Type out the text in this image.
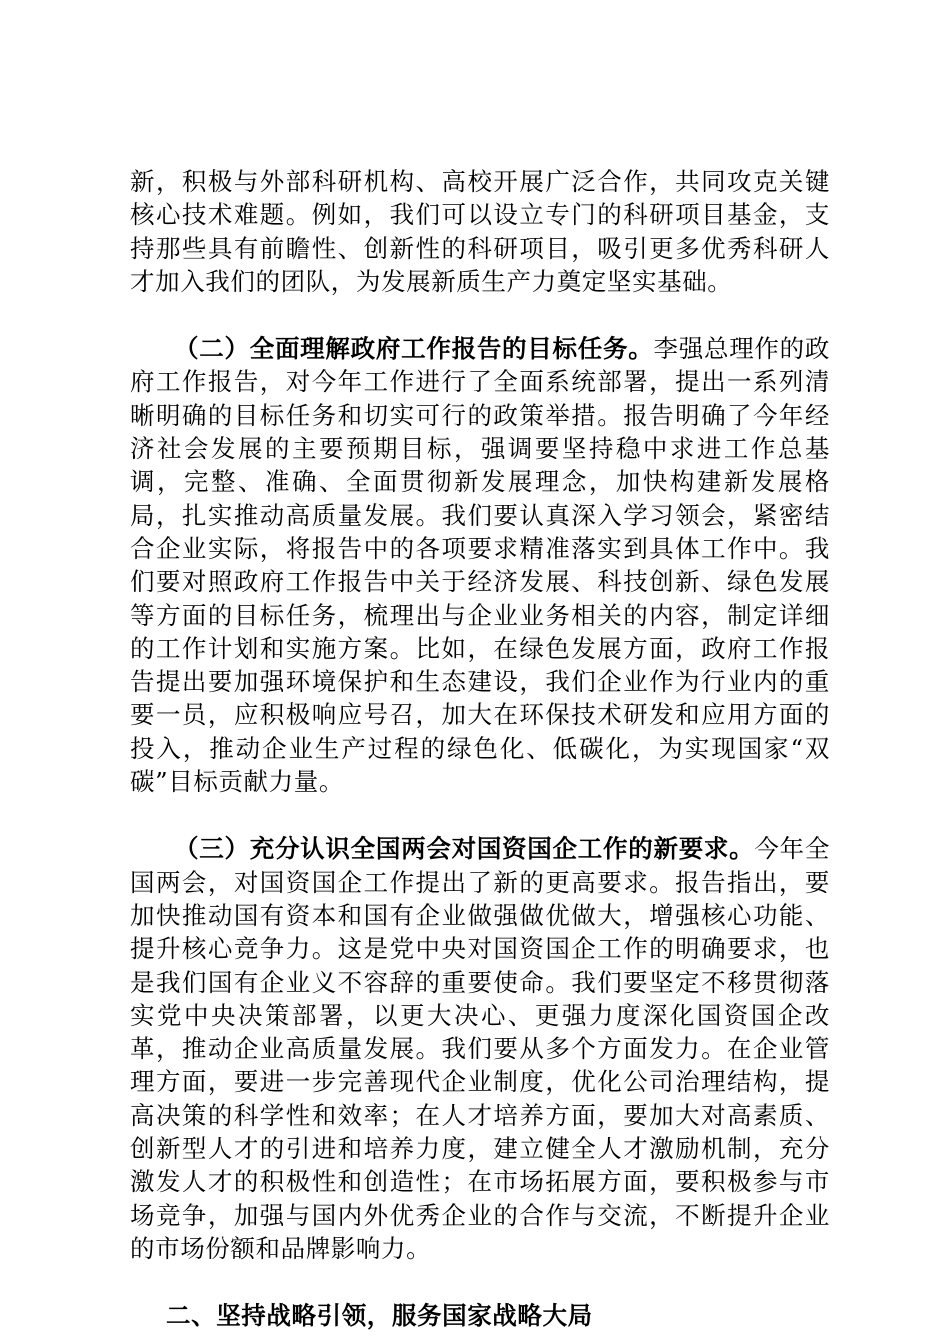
新，积极与外部科研机构、高校开展广泛合作，共同攻克关键核心技术难题。例如，我们可以设立专门的科研项目基金，支持那些具有前瞻性、创新性的科研项目，吸引更多优秀科研人才加入我们的团队，为发展新质生产力奠定坚实基础。

（二）全面理解政府工作报告的目标任务。李强总理作的政府工作报告，对今年工作进行了全面系统部署，提出一系列清晰明确的目标任务和切实可行的政策举措。报告明确了今年经济社会发展的主要预期目标，强调要坚持稳中求进工作总基调，完整、准确、全面贯彻新发展理念，加快构建新发展格局，扎实推动高质量发展。我们要认真深入学习领会，紧密结合企业实际，将报告中的各项要求精准落实到具体工作中。我们要对照政府工作报告中关于经济发展、科技创新、绿色发展等方面的目标任务，梳理出与企业业务相关的内容，制定详细的工作计划和实施方案。比如，在绿色发展方面，政府工作报告提出要加强环境保护和生态建设，我们企业作为行业内的重要一员，应积极响应号召，加大在环保技术研发和应用方面的投入，推动企业生产过程的绿色化、低碳化，为实现国家“双碳”目标贡献力量。

（三）充分认识全国两会对国资国企工作的新要求。今年全国两会，对国资国企工作提出了新的更高要求。报告指出，要加快推动国有资本和国有企业做强做优做大，增强核心功能、提升核心竞争力。这是党中央对国资国企工作的明确要求，也是我们国有企业义不容辞的重要使命。我们要坚定不移贯彻落实党中央决策部署，以更大决心、更强力度深化国资国企改革，推动企业高质量发展。我们要从多个方面发力。在企业管理方面，要进一步完善现代企业制度，优化公司治理结构，提高决策的科学性和效率；在人才培养方面，要加大对高素质、创新型人才的引进和培养力度，建立健全人才激励机制，充分激发人才的积极性和创造性；在市场拓展方面，要积极参与市场竞争，加强与国内外优秀企业的合作与交流，不断提升企业的市场份额和品牌影响力。

二、坚持战略引领，服务国家战略大局
